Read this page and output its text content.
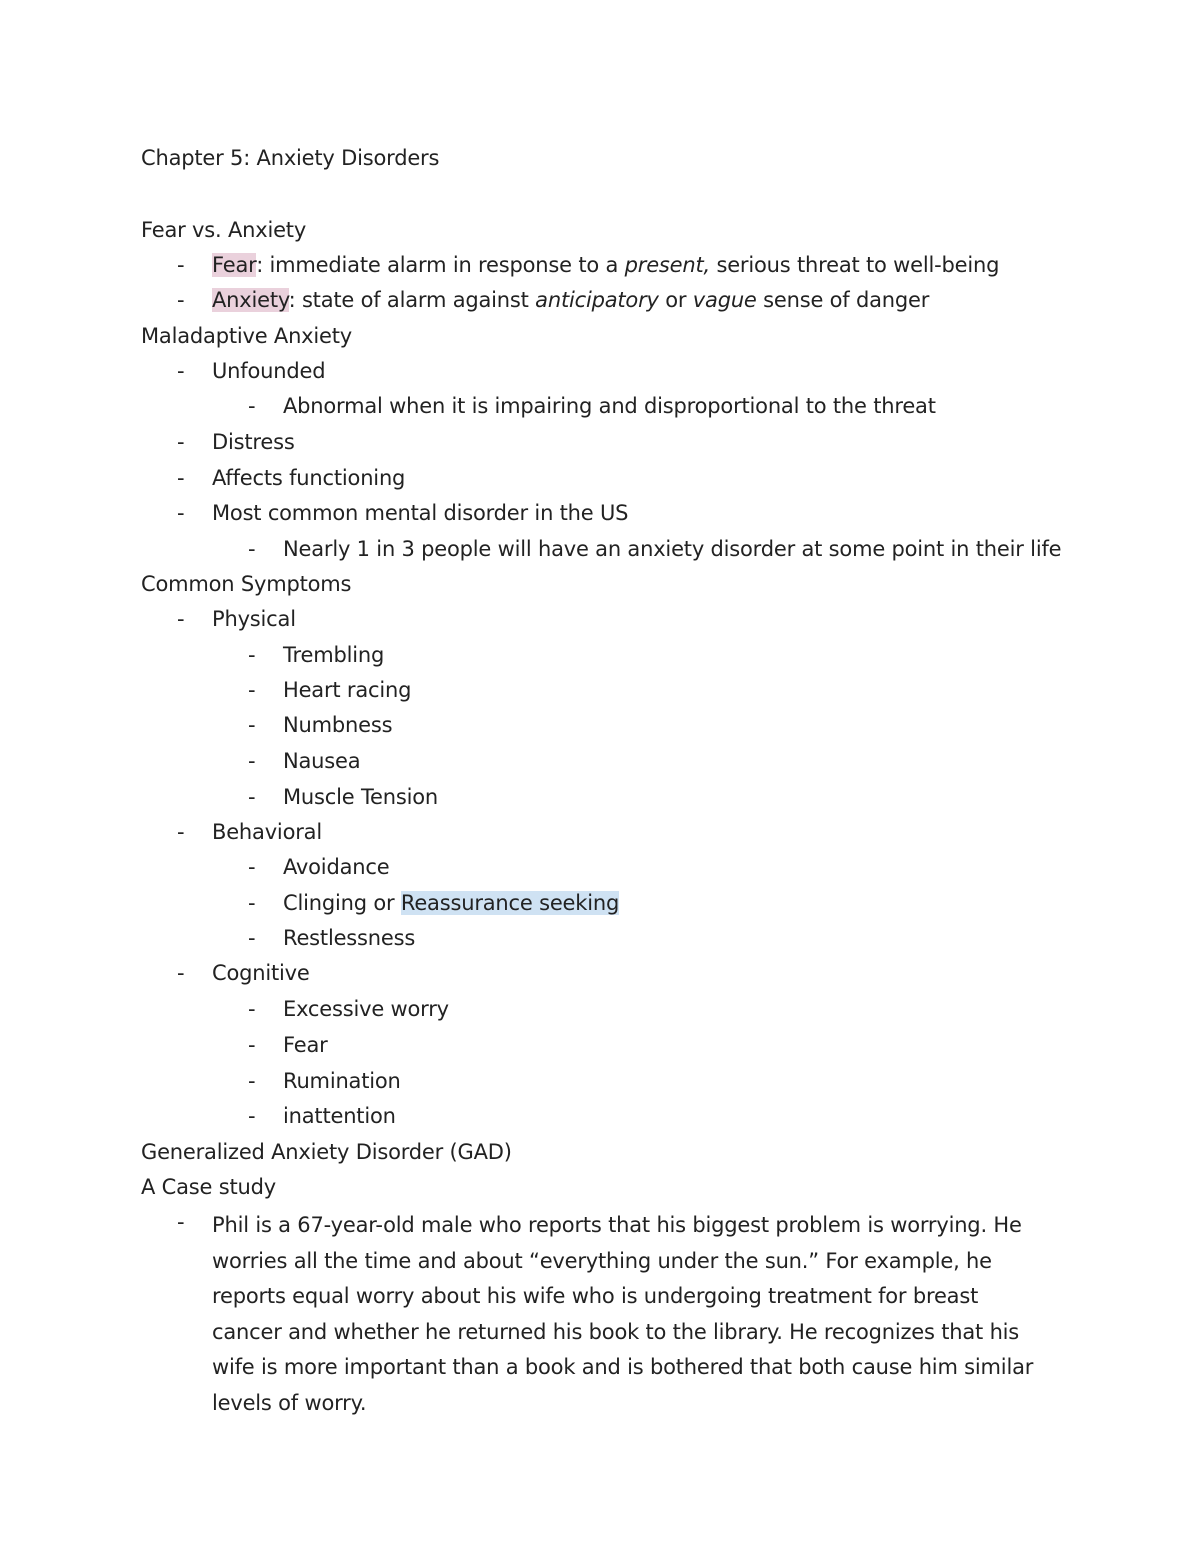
Chapter 5: Anxiety Disorders
Fear vs. Anxiety
- Fear: immediate alarm in response to a present, serious threat to well-being
- Anxiety: state of alarm against anticipatory or vague sense of danger
Maladaptive Anxiety
- Unfounded
- Abnormal when it is impairing and disproportional to the threat
- Distress
- Affects functioning
- Most common mental disorder in the US
- Nearly 1 in 3 people will have an anxiety disorder at some point in their life
Common Symptoms
- Physical
- Trembling
- Heart racing
- Numbness
- Nausea
- Muscle Tension
- Behavioral
- Avoidance
- Clinging or Reassurance seeking
- Restlessness
- Cognitive
- Excessive worry
- Fear
- Rumination
- inattention
Generalized Anxiety Disorder (GAD)
A Case study
- Phil is a 67-year-old male who reports that his biggest problem is worrying. He worries all the time and about “everything under the sun.” For example, he reports equal worry about his wife who is undergoing treatment for breast cancer and whether he returned his book to the library. He recognizes that his wife is more important than a book and is bothered that both cause him similar levels of worry.
